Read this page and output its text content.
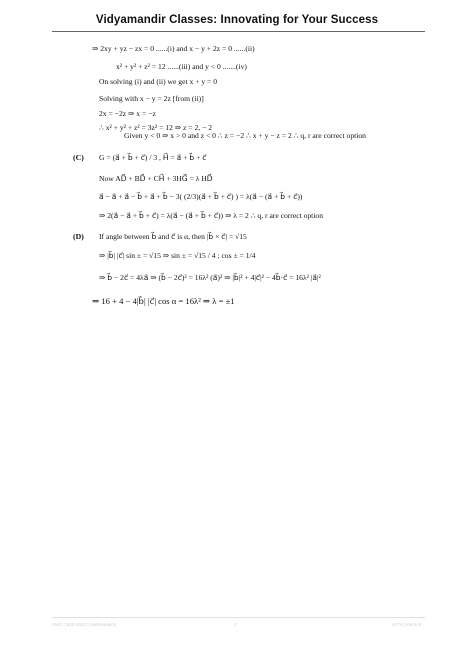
Vidyamandir Classes: Innovating for Your Success
⇒ 2xy + yz − zx = 0 ......(i) and x − y + 2z = 0 ......(ii)
x² + y² + z² = 12 ......(iii) and y < 0 .......(iv)
On solving (i) and (ii) we get x + y = 0
Solving with x − y = 2z [from (ii)]
2x = −2z ⇒ x = −z
∴ x² + y² + z² = 3z² = 12 ⇒ z = 2, − 2
Given y < 0 ⇒ x > 0 and z < 0 ∴ z = −2 ∴ x + y − z = 2 ∴ q, r are correct option
(C) G = (a⃗ + b⃗ + c⃗) / 3 , H⃗ = a⃗ + b⃗ + c⃗
Now AD⃗ + BD⃗ + CH⃗ + 3HG⃗ = λ HD⃗
a⃗ − a⃗ + a⃗ − b⃗ + a⃗ + b⃗ − 3( (2/3)(a⃗ + b⃗ + c⃗) ) = λ(a⃗ − (a⃗ + b⃗ + c⃗))
⇒ 2(a⃗ − a⃗ + b⃗ + c⃗) = λ(a⃗ − (a⃗ + b⃗ + c⃗)) ⇒ λ = 2 ∴ q, r are correct option
(D) If angle between b⃗ and c⃗ is α, then |b⃗ × c⃗| = √15
⇒ |b⃗| |c⃗| sin ± = √15 ⇒ sin ± = √15 / 4 ; cos ± = 1/4
⇒ b⃗ − 2c⃗ = 4λa⃗ ⇒ (b⃗ − 2c⃗)² = 16λ² (a⃗)² ⇒ |b⃗|² + 4|c⃗|² − 4b⃗·c⃗ = 16λ² |a⃗|²
⇒ 16 + 4 − 4|b⃗| |c⃗| cos α = 16λ² ⇒ λ = ±1
VMC | JEE-2022 | Mathematics	2	AITS | Mock-5
